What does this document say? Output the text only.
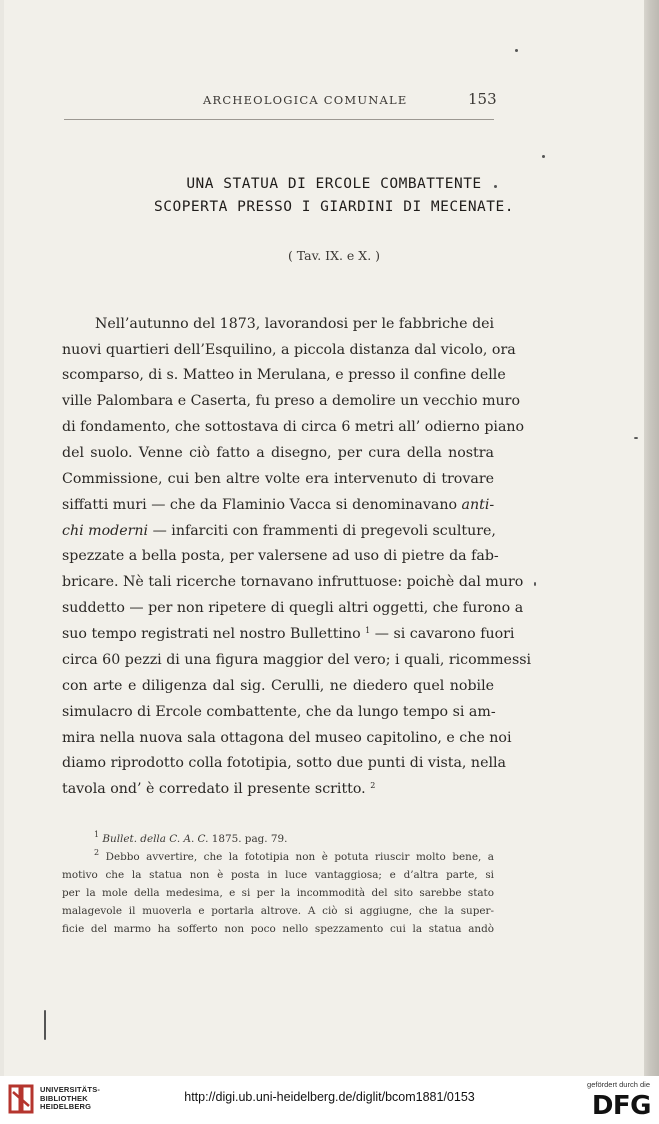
ARCHEOLOGICA COMUNALE	153
UNA STATUA DI ERCOLE COMBATTENTE
SCOPERTA PRESSO I GIARDINI DI MECENATE.
( Tav. IX. e X. )
Nell’autunno del 1873, lavorandosi per le fabbriche dei
nuovi quartieri dell’Esquilino, a piccola distanza dal vicolo, ora
scomparso, di s. Matteo in Merulana, e presso il confine delle
ville Palombara e Caserta, fu preso a demolire un vecchio muro
di fondamento, che sottostava di circa 6 metri all’ odierno piano
del suolo. Venne ciò fatto a disegno, per cura della nostra
Commissione, cui ben altre volte era intervenuto di trovare
siffatti muri — che da Flaminio Vacca si denominavano anti-
chi moderni — infarciti con frammenti di pregevoli sculture,
spezzate a bella posta, per valersene ad uso di pietre da fab-
bricare. Nè tali ricerche tornavano infruttuose: poichè dal muro
suddetto — per non ripetere di quegli altri oggetti, che furono a
suo tempo registrati nel nostro Bullettino $^1$ — si cavarono fuori
circa 60 pezzi di una figura maggior del vero; i quali, ricommessi
con arte e diligenza dal sig. Cerulli, ne diedero quel nobile
simulacro di Ercole combattente, che da lungo tempo si am-
mira nella nuova sala ottagona del museo capitolino, e che noi
diamo riprodotto colla fototipia, sotto due punti di vista, nella
tavola ond’ è corredato il presente scritto. $^2$
$^1$ Bullet. della C. A. C. 1875. pag. 79.
$^2$ Debbo avvertire, che la fototipia non è potuta riuscir molto bene, a
motivo che la statua non è posta in luce vantaggiosa; e d’altra parte, si
per la mole della medesima, e si per la incommodità del sito sarebbe stato
malagevole il muoverla e portarla altrove. A ciò si aggiugne, che la super-
ficie del marmo ha sofferto non poco nello spezzamento cui la statua andò
UNIVERSITÄTS-
BIBLIOTHEK
HEIDELBERG
http://digi.ub.uni-heidelberg.de/diglit/bcom1881/0153
gefördert durch die
DFG
